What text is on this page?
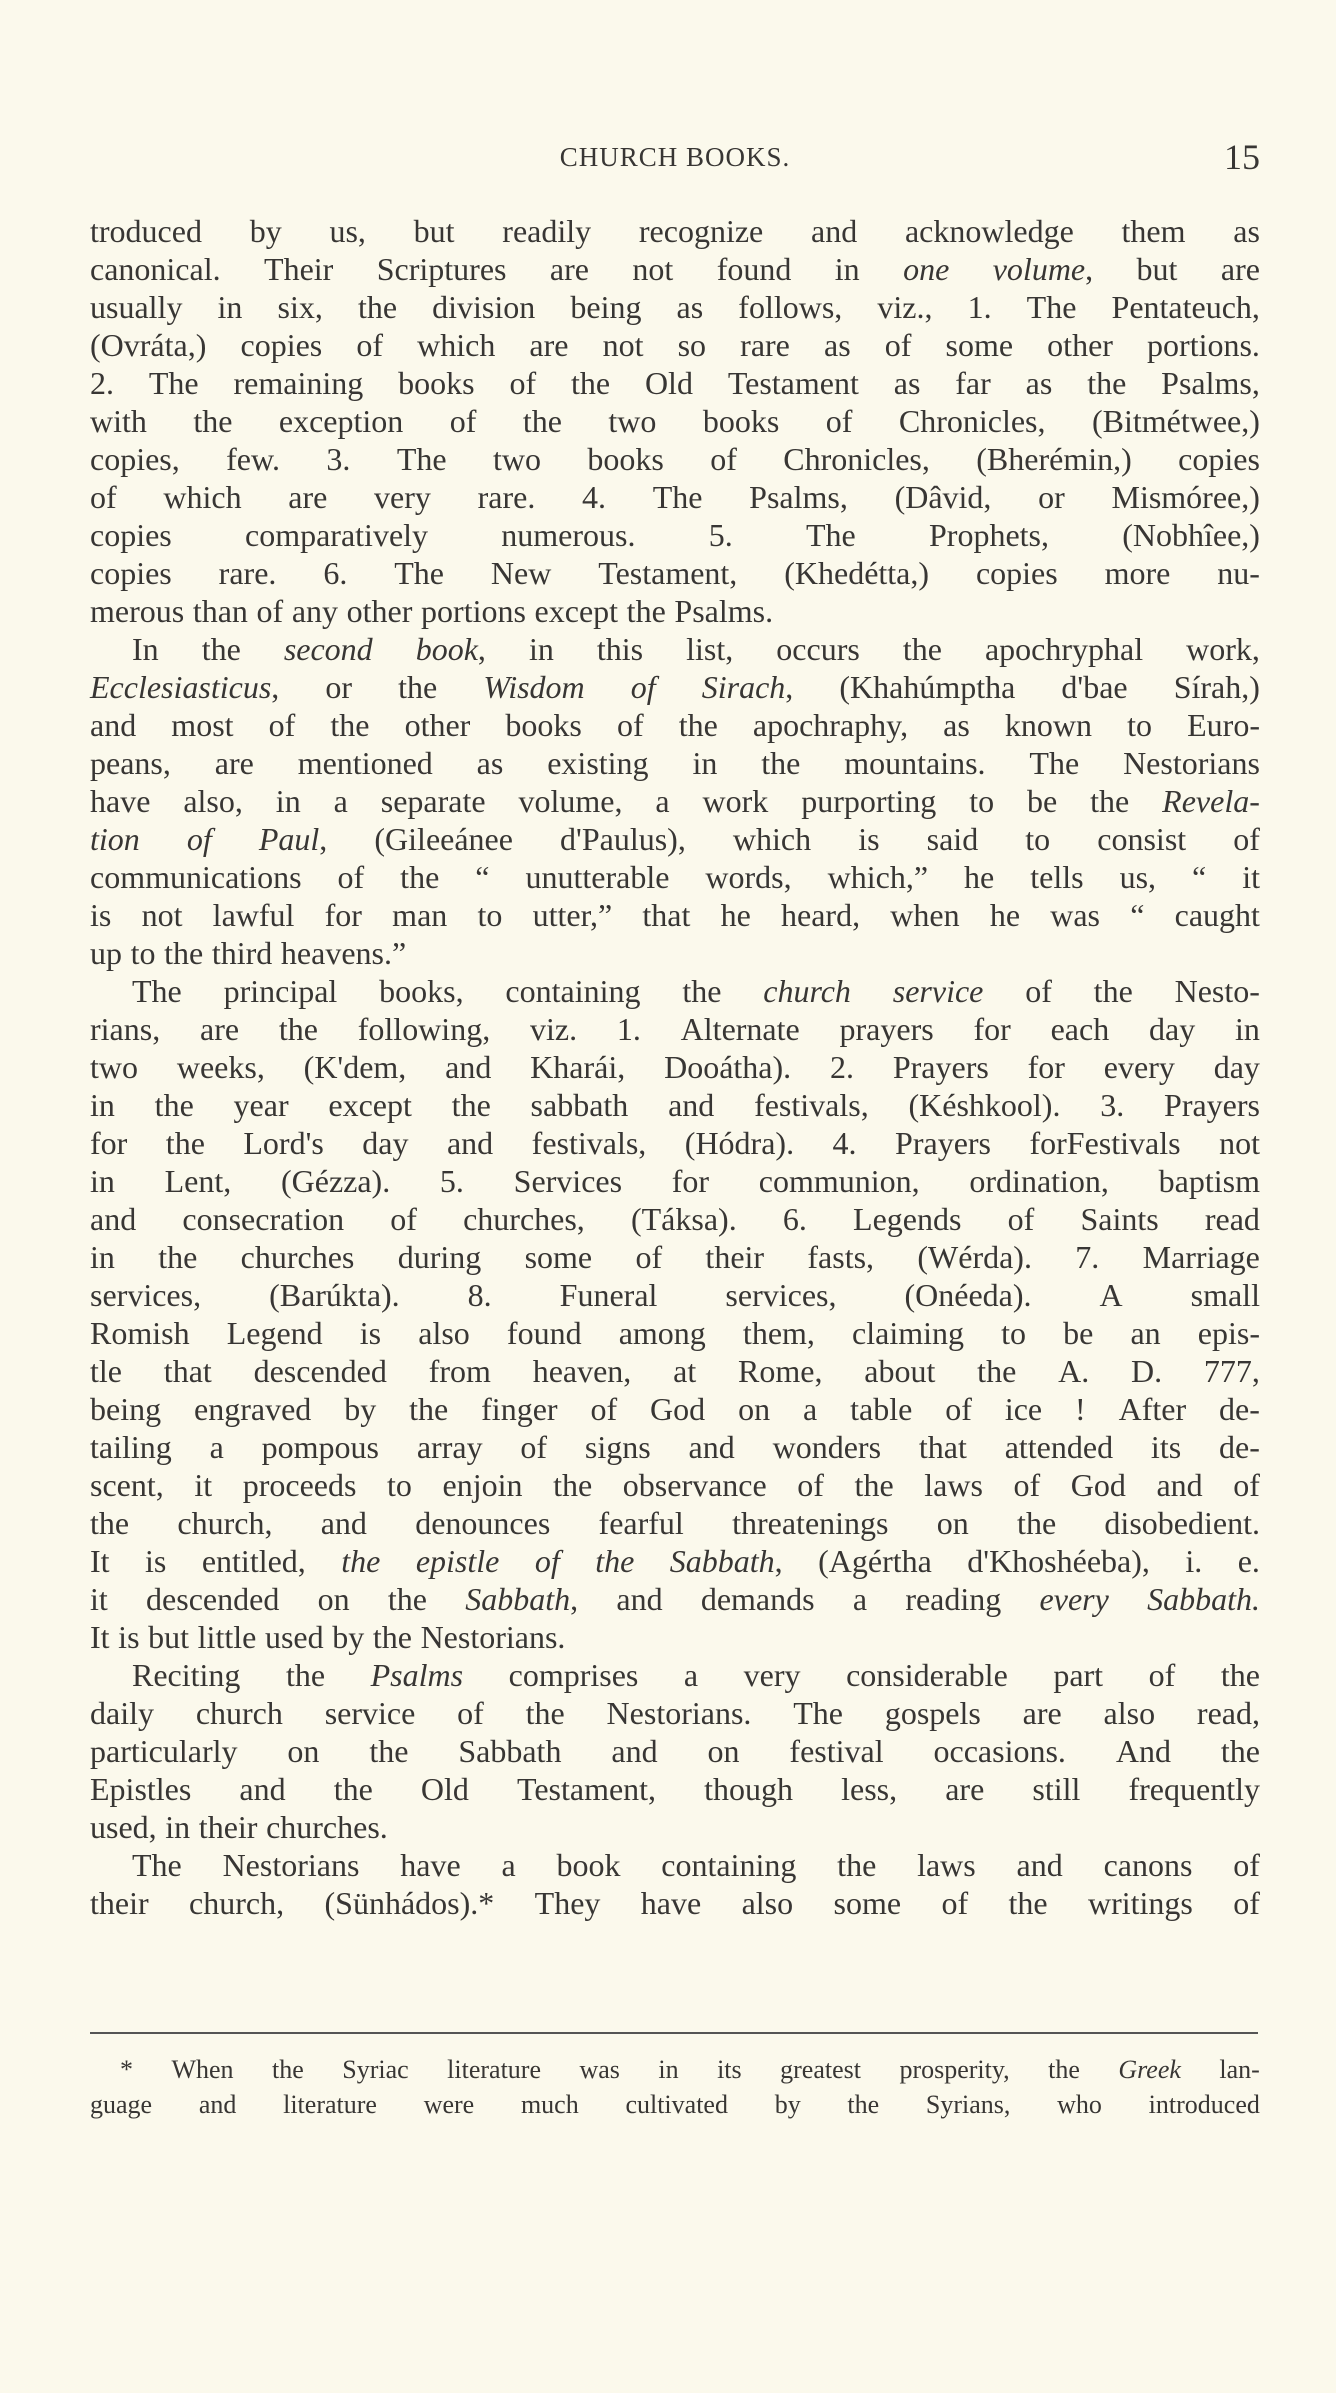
CHURCH BOOKS.	15
troduced by us, but readily recognize and acknowledge them as
canonical. Their Scriptures are not found in one volume, but are
usually in six, the division being as follows, viz., 1. The Pentateuch,
(Ovráta,) copies of which are not so rare as of some other portions.
2. The remaining books of the Old Testament as far as the Psalms,
with the exception of the two books of Chronicles, (Bitmétwee,)
copies, few. 3. The two books of Chronicles, (Bherémin,) copies
of which are very rare. 4. The Psalms, (Dâvid, or Mismóree,)
copies comparatively numerous. 5. The Prophets, (Nobhîee,)
copies rare. 6. The New Testament, (Khedétta,) copies more nu-
merous than of any other portions except the Psalms.
In the second book, in this list, occurs the apochryphal work,
Ecclesiasticus, or the Wisdom of Sirach, (Khahúmptha d'bae Sírah,)
and most of the other books of the apochraphy, as known to Euro-
peans, are mentioned as existing in the mountains. The Nestorians
have also, in a separate volume, a work purporting to be the Revela-
tion of Paul, (Gileeánee d'Paulus), which is said to consist of
communications of the “ unutterable words, which,” he tells us, “ it
is not lawful for man to utter,” that he heard, when he was “ caught
up to the third heavens.”
The principal books, containing the church service of the Nesto-
rians, are the following, viz. 1. Alternate prayers for each day in
two weeks, (K'dem, and Kharái, Dooátha). 2. Prayers for every day
in the year except the sabbath and festivals, (Késhkool). 3. Prayers
for the Lord's day and festivals, (Hódra). 4. Prayers forFestivals not
in Lent, (Gézza). 5. Services for communion, ordination, baptism
and consecration of churches, (Táksa). 6. Legends of Saints read
in the churches during some of their fasts, (Wérda). 7. Marriage
services, (Barúkta). 8. Funeral services, (Onéeda). A small
Romish Legend is also found among them, claiming to be an epis-
tle that descended from heaven, at Rome, about the A. D. 777,
being engraved by the finger of God on a table of ice ! After de-
tailing a pompous array of signs and wonders that attended its de-
scent, it proceeds to enjoin the observance of the laws of God and of
the church, and denounces fearful threatenings on the disobedient.
It is entitled, the epistle of the Sabbath, (Agértha d'Khoshéeba), i. e.
it descended on the Sabbath, and demands a reading every Sabbath.
It is but little used by the Nestorians.
Reciting the Psalms comprises a very considerable part of the
daily church service of the Nestorians. The gospels are also read,
particularly on the Sabbath and on festival occasions. And the
Epistles and the Old Testament, though less, are still frequently
used, in their churches.
The Nestorians have a book containing the laws and canons of
their church, (Sünhádos).* They have also some of the writings of
* When the Syriac literature was in its greatest prosperity, the Greek lan-
guage and literature were much cultivated by the Syrians, who introduced
